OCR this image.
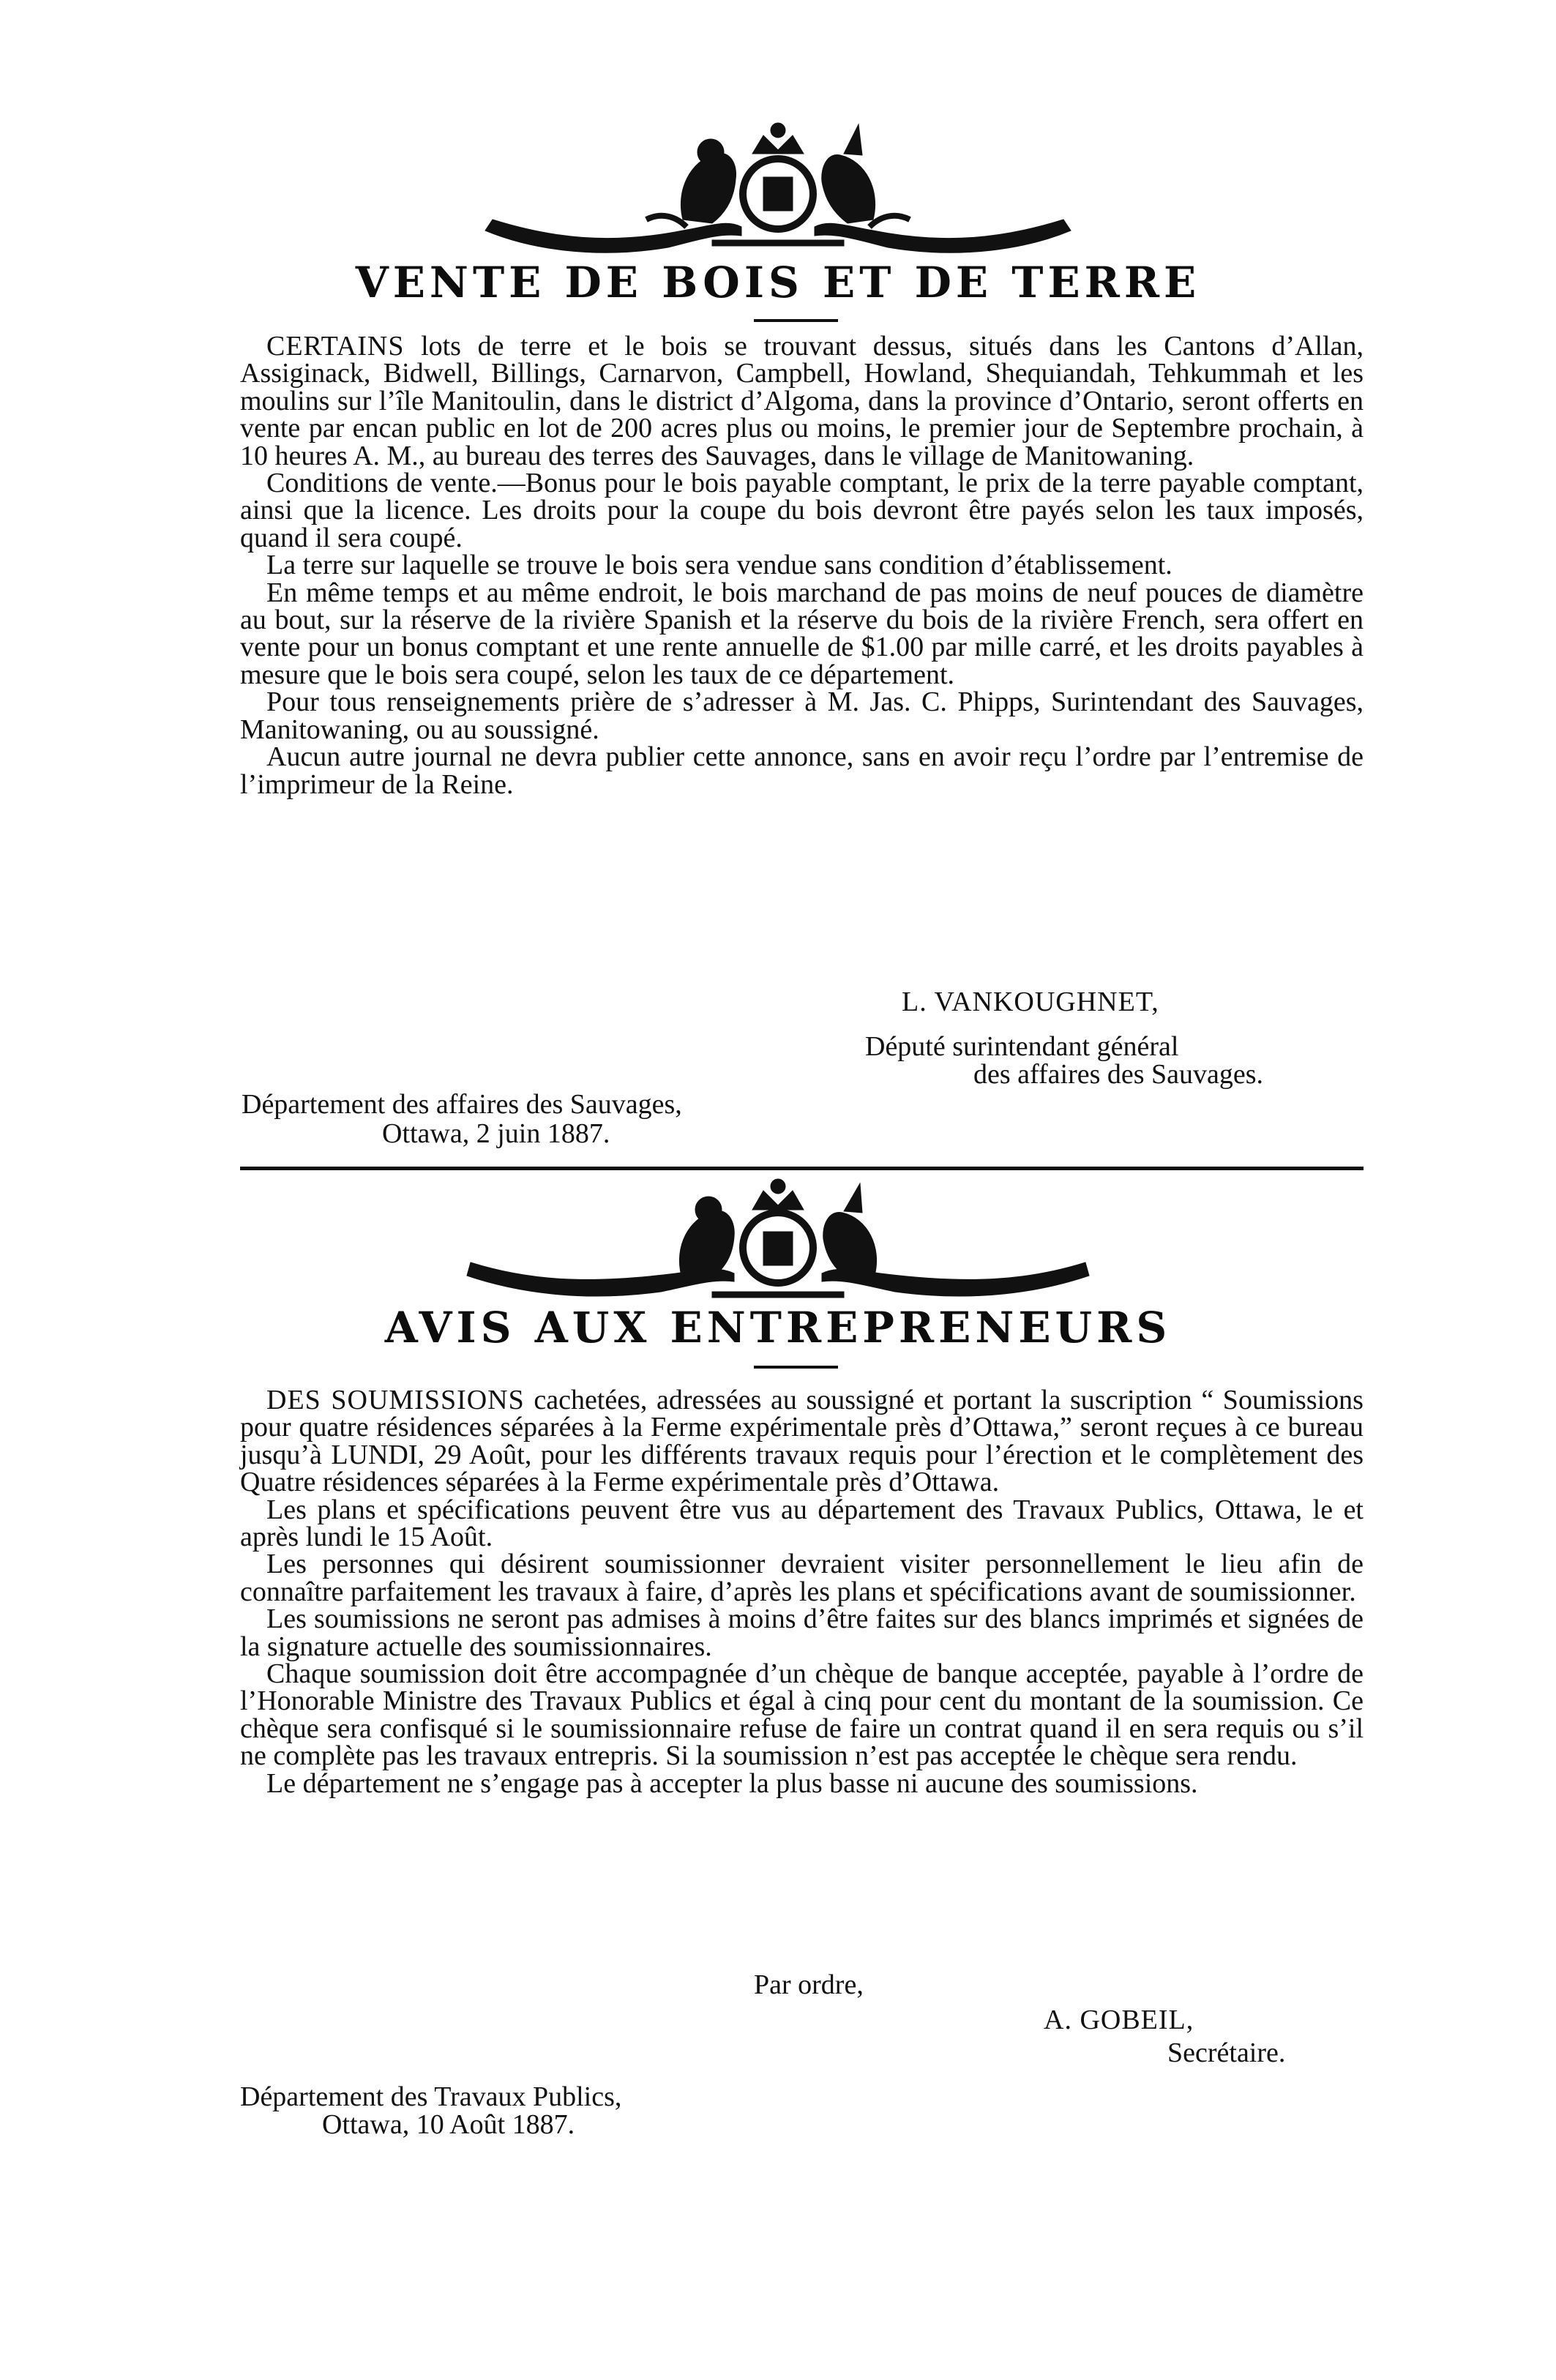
VENTE DE BOIS ET DE TERRE

CERTAINS lots de terre et le bois se trouvant dessus, situés dans les Cantons d’Allan, Assiginack, Bidwell, Billings, Carnarvon, Campbell, Howland, Shequiandah, Tehkummah et les moulins sur l’île Manitoulin, dans le district d’Algoma, dans la province d’Ontario, seront offerts en vente par encan public en lot de 200 acres plus ou moins, le premier jour de Septembre prochain, à 10 heures A. M., au bureau des terres des Sauvages, dans le village de Manitowaning.

Conditions de vente.—Bonus pour le bois payable comptant, le prix de la terre payable comptant, ainsi que la licence. Les droits pour la coupe du bois devront être payés selon les taux imposés, quand il sera coupé.

La terre sur laquelle se trouve le bois sera vendue sans condition d’établissement.

En même temps et au même endroit, le bois marchand de pas moins de neuf pouces de diamètre au bout, sur la réserve de la rivière Spanish et la réserve du bois de la rivière French, sera offert en vente pour un bonus comptant et une rente annuelle de $1.00 par mille carré, et les droits payables à mesure que le bois sera coupé, selon les taux de ce département.

Pour tous renseignements prière de s’adresser à M. Jas. C. Phipps, Surintendant des Sauvages, Manitowaning, ou au soussigné.

Aucun autre journal ne devra publier cette annonce, sans en avoir reçu l’ordre par l’entremise de l’imprimeur de la Reine.

L. VANKOUGHNET,
Député surintendant général
des affaires des Sauvages.
Département des affaires des Sauvages,
Ottawa, 2 juin 1887.
AVIS AUX ENTREPRENEURS

DES SOUMISSIONS cachetées, adressées au soussigné et portant la suscription “ Soumissions pour quatre résidences séparées à la Ferme expérimentale près d’Ottawa,” seront reçues à ce bureau jusqu’à LUNDI, 29 Août, pour les différents travaux requis pour l’érection et le complètement des Quatre résidences séparées à la Ferme expérimentale près d’Ottawa.

Les plans et spécifications peuvent être vus au département des Travaux Publics, Ottawa, le et après lundi le 15 Août.

Les personnes qui désirent soumissionner devraient visiter personnellement le lieu afin de connaître parfaitement les travaux à faire, d’après les plans et spécifications avant de soumissionner.

Les soumissions ne seront pas admises à moins d’être faites sur des blancs imprimés et signées de la signature actuelle des soumissionnaires.

Chaque soumission doit être accompagnée d’un chèque de banque acceptée, payable à l’ordre de l’Honorable Ministre des Travaux Publics et égal à cinq pour cent du montant de la soumission. Ce chèque sera confisqué si le soumissionnaire refuse de faire un contrat quand il en sera requis ou s’il ne complète pas les travaux entrepris. Si la soumission n’est pas acceptée le chèque sera rendu.

Le département ne s’engage pas à accepter la plus basse ni aucune des soumissions.

Par ordre,
A. GOBEIL,
Secrétaire.
Département des Travaux Publics,
Ottawa, 10 Août 1887.
